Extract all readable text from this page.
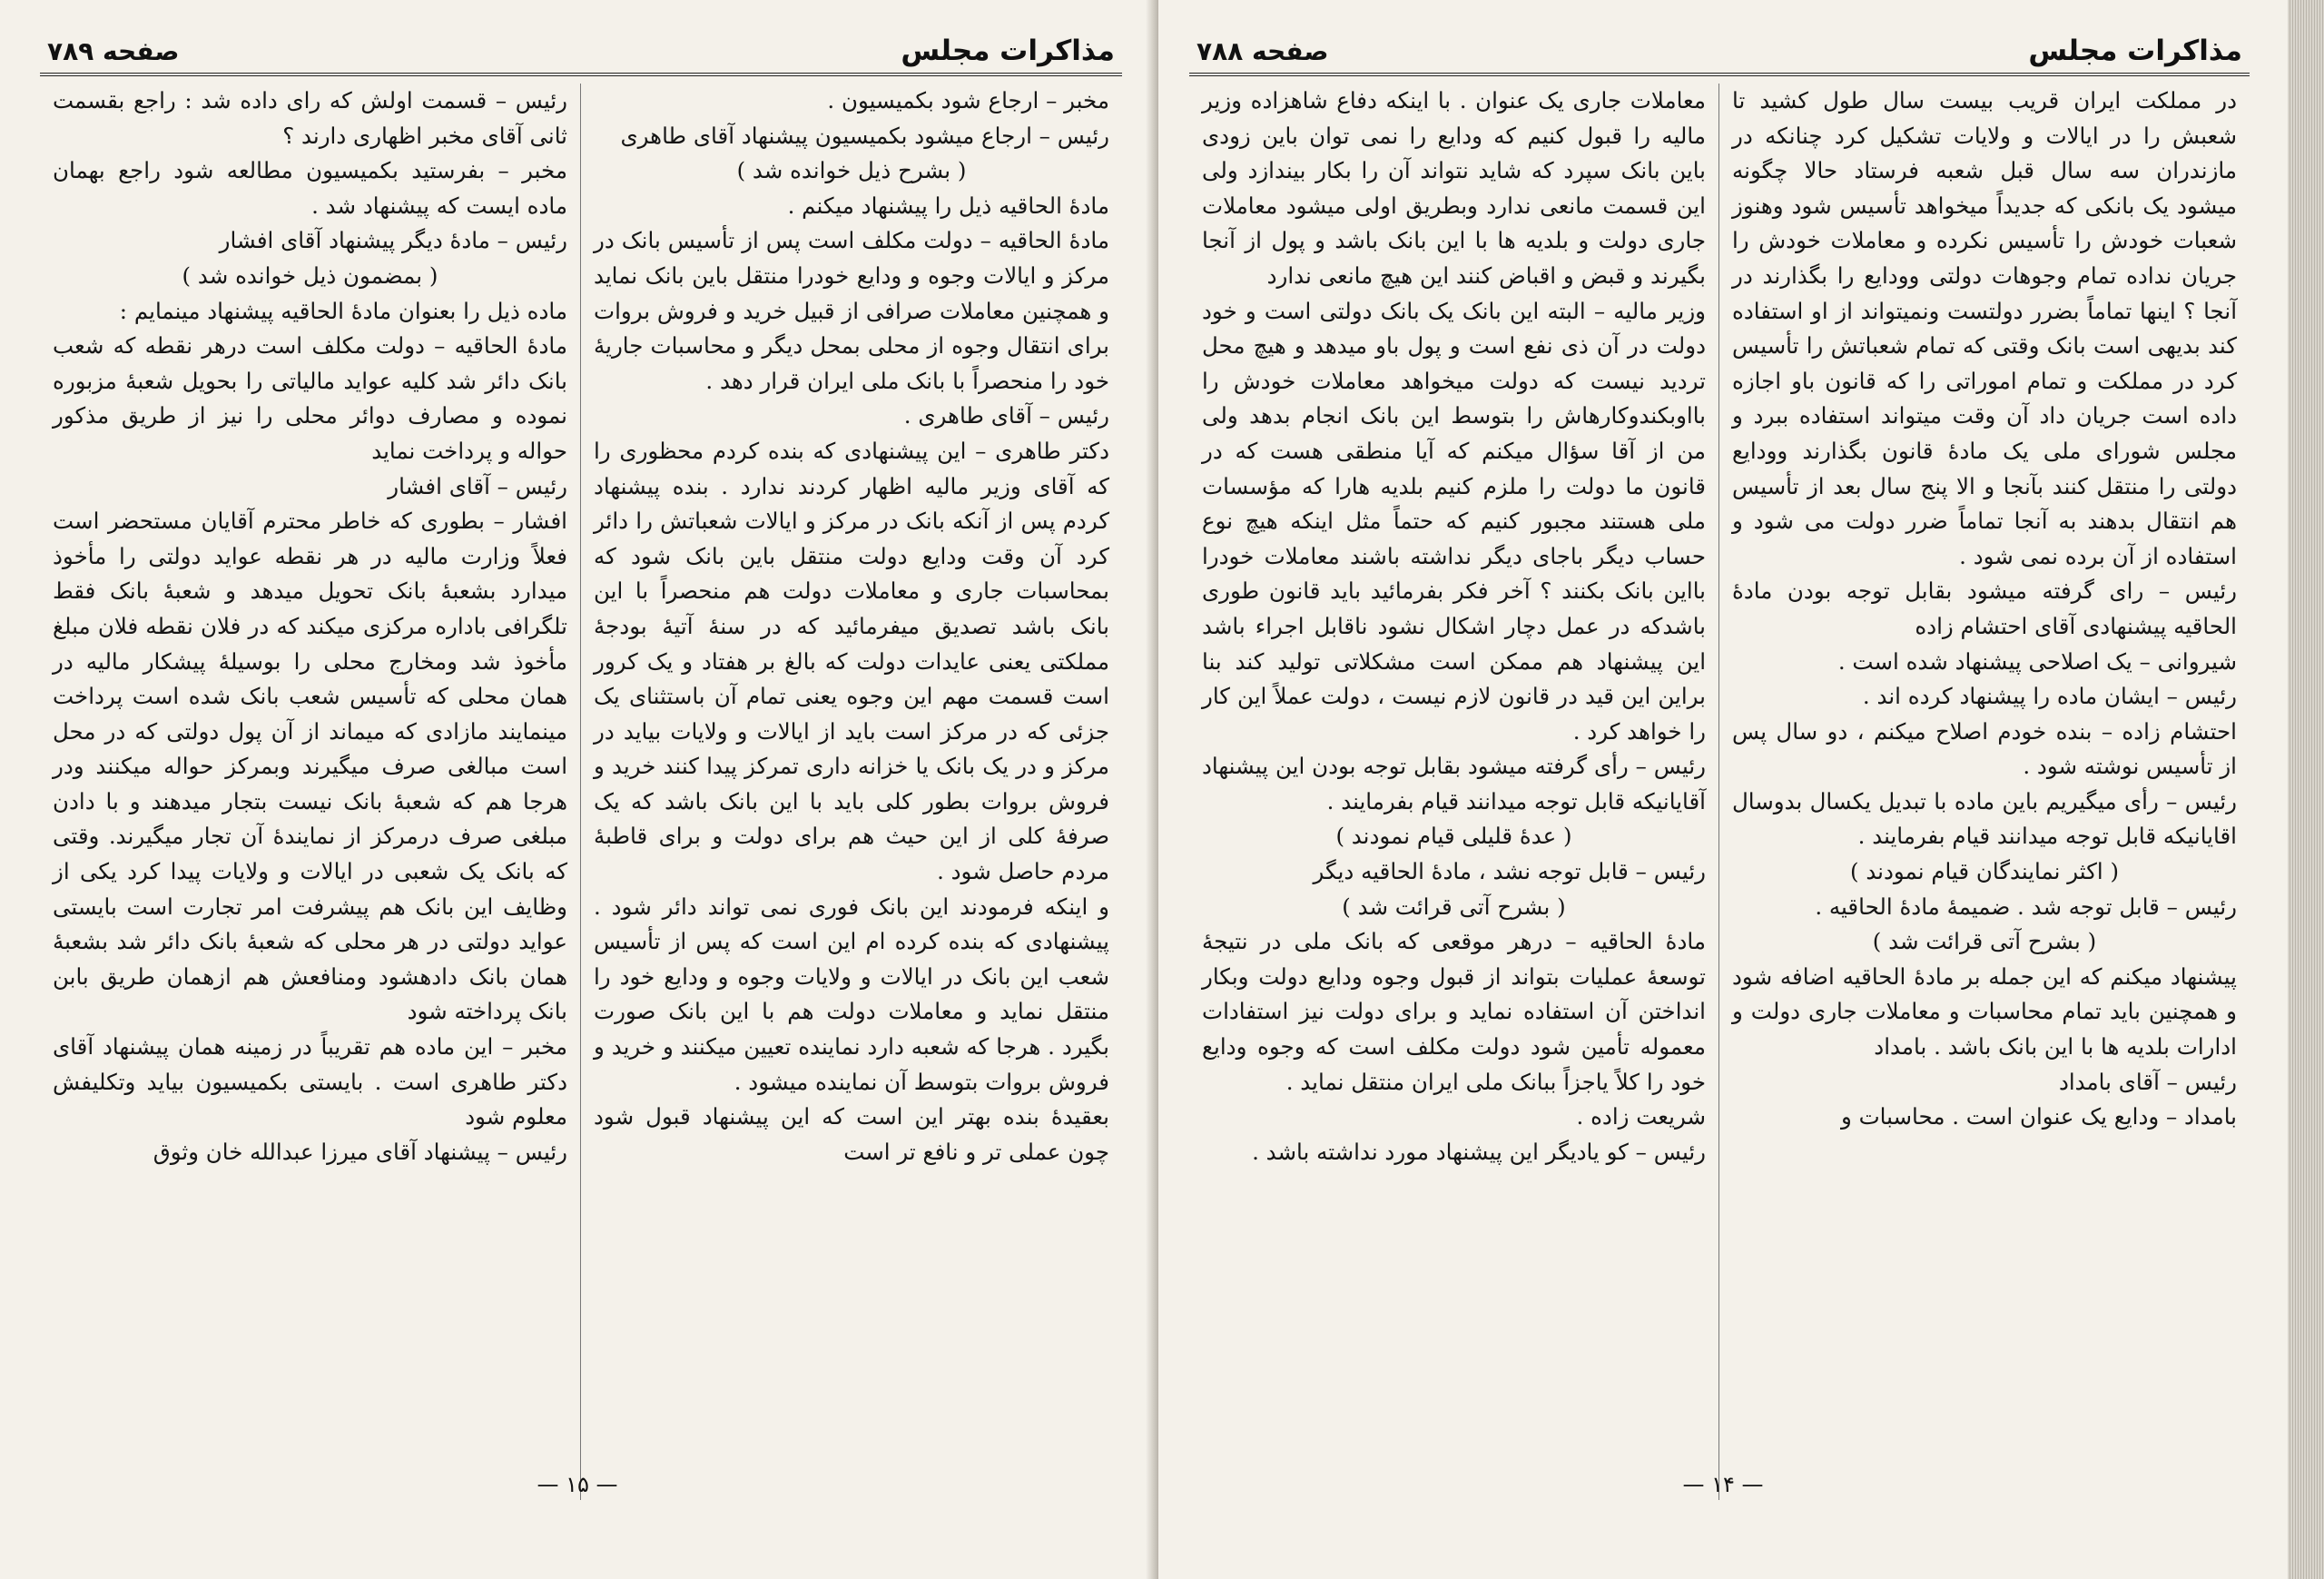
مذاکرات مجلس
صفحه ۷۸۹

مخبر – ارجاع شود بکمیسیون .

رئیس – ارجاع میشود بکمیسیون پیشنهاد آقای طاهری

( بشرح ذیل خوانده شد )

مادهٔ الحاقیه ذیل را پیشنهاد میکنم .

مادهٔ الحاقیه – دولت مکلف است پس از تأسیس بانک در مرکز و ایالات وجوه و ودایع خودرا منتقل باین بانک نماید و همچنین معاملات صرافی از قبیل خرید و فروش بروات برای انتقال وجوه از محلی بمحل دیگر و محاسبات جاریهٔ خود را منحصراً با بانک ملی ایران قرار دهد .

رئیس – آقای طاهری .

دکتر طاهری – این پیشنهادی که بنده کردم محظوری را که آقای وزیر مالیه اظهار کردند ندارد . بنده پیشنهاد کردم پس از آنکه بانک در مرکز و ایالات شعباتش را دائر کرد آن وقت ودایع دولت منتقل باین بانک شود که بمحاسبات جاری و معاملات دولت هم منحصراً با این بانک باشد تصدیق میفرمائید که در سنهٔ آتیهٔ بودجهٔ مملکتی یعنی عایدات دولت که بالغ بر هفتاد و یک کرور است قسمت مهم این وجوه یعنی تمام آن باستثنای یک جزئی که در مرکز است باید از ایالات و ولایات بیاید در مرکز و در یک بانک یا خزانه داری تمرکز پیدا کنند خرید و فروش بروات بطور کلی باید با این بانک باشد که یک صرفهٔ کلی از این حیث هم برای دولت و برای قاطبهٔ مردم حاصل شود .

و اینکه فرمودند این بانک فوری نمی تواند دائر شود . پیشنهادی که بنده کرده ام این است که پس از تأسیس شعب این بانک در ایالات و ولایات وجوه و ودایع خود را منتقل نماید و معاملات دولت هم با این بانک صورت بگیرد . هرجا که شعبه دارد نماینده تعیین میکنند و خرید و فروش بروات بتوسط آن نماینده میشود .

بعقیدهٔ بنده بهتر این است که این پیشنهاد قبول شود چون عملی تر و نافع تر است

رئیس – قسمت اولش که رای داده شد : راجع بقسمت ثانی آقای مخبر اظهاری دارند ؟

مخبر – بفرستید بکمیسیون مطالعه شود راجع بهمان ماده ایست که پیشنهاد شد .

رئیس – مادهٔ دیگر پیشنهاد آقای افشار

( بمضمون ذیل خوانده شد )

ماده ذیل را بعنوان مادهٔ الحاقیه پیشنهاد مینمایم :

مادهٔ الحاقیه – دولت مکلف است درهر نقطه که شعب بانک دائر شد کلیه عواید مالیاتی را بحویل شعبهٔ مزبوره نموده و مصارف دوائر محلی را نیز از طریق مذکور حواله و پرداخت نماید

رئیس – آقای افشار

افشار – بطوری که خاطر محترم آقایان مستحضر است فعلاً وزارت مالیه در هر نقطه عواید دولتی را مأخوذ میدارد بشعبهٔ بانک تحویل میدهد و شعبهٔ بانک فقط تلگرافی باداره مرکزی میکند که در فلان نقطه فلان مبلغ مأخوذ شد ومخارج محلی را بوسیلهٔ پیشکار مالیه در همان محلی که تأسیس شعب بانک شده است پرداخت مینمایند مازادی که میماند از آن پول دولتی که در محل است مبالغی صرف میگیرند وبمرکز حواله میکنند ودر هرجا هم که شعبهٔ بانک نیست بتجار میدهند و با دادن مبلغی صرف درمرکز از نمایندهٔ آن تجار میگیرند. وقتی که بانک یک شعبی در ایالات و ولایات پیدا کرد یکی از وظایف این بانک هم پیشرفت امر تجارت است بایستی عواید دولتی در هر محلی که شعبهٔ بانک دائر شد بشعبهٔ همان بانک دادهشود ومنافعش هم ازهمان طریق بابن بانک پرداخته شود

مخبر – این ماده هم تقریباً در زمینه همان پیشنهاد آقای دکتر طاهری است . بایستی بکمیسیون بیاید وتکلیفش معلوم شود

رئیس – پیشنهاد آقای میرزا عبدالله خان وثوق

— ۱۵ —
مذاکرات مجلس
صفحه ۷۸۸

در مملکت ایران قریب بیست سال طول کشید تا شعبش را در ایالات و ولایات تشکیل کرد چنانکه در مازندران سه سال قبل شعبه فرستاد حالا چگونه میشود یک بانکی که جدیداً میخواهد تأسیس شود وهنوز شعبات خودش را تأسیس نکرده و معاملات خودش را جریان نداده تمام وجوهات دولتی وودایع را بگذارند در آنجا ؟ اینها تماماً بضرر دولتست ونمیتواند از او استفاده کند بدیهی است بانک وقتی که تمام شعباتش را تأسیس کرد در مملکت و تمام اموراتی را که قانون باو اجازه داده است جریان داد آن وقت میتواند استفاده ببرد و مجلس شورای ملی یک مادهٔ قانون بگذارند وودایع دولتی را منتقل کنند بآنجا و الا پنج سال بعد از تأسیس هم انتقال بدهند به آنجا تماماً ضرر دولت می شود و استفاده از آن برده نمی شود .

رئیس – رای گرفته میشود بقابل توجه بودن مادهٔ الحاقیه پیشنهادی آقای احتشام زاده

شیروانی – یک اصلاحی پیشنهاد شده است .

رئیس – ایشان ماده را پیشنهاد کرده اند .

احتشام زاده – بنده خودم اصلاح میکنم ، دو سال پس از تأسیس نوشته شود .

رئیس – رأی میگیریم باین ماده با تبدیل یکسال بدوسال اقایانیکه قابل توجه میدانند قیام بفرمایند .

( اکثر نمایندگان قیام نمودند )

رئیس – قابل توجه شد . ضمیمهٔ مادهٔ الحاقیه .

( بشرح آتی قرائت شد )

پیشنهاد میکنم که این جمله بر مادهٔ الحاقیه اضافه شود و همچنین باید تمام محاسبات و معاملات جاری دولت و ادارات بلدیه ها با این بانک باشد . بامداد

رئیس – آقای بامداد

بامداد – ودایع یک عنوان است . محاسبات و

معاملات جاری یک عنوان . با اینکه دفاع شاهزاده وزیر مالیه را قبول کنیم که ودایع را نمی توان باین زودی باین بانک سپرد که شاید نتواند آن را بکار بیندازد ولی این قسمت مانعی ندارد وبطریق اولی میشود معاملات جاری دولت و بلدیه ها با این بانک باشد و پول از آنجا بگیرند و قبض و اقباض کنند این هیچ مانعی ندارد

وزیر مالیه – البته این بانک یک بانک دولتی است و خود دولت در آن ذی نفع است و پول باو میدهد و هیچ محل تردید نیست که دولت میخواهد معاملات خودش را بااوبکندوکارهاش را بتوسط این بانک انجام بدهد ولی من از آقا سؤال میکنم که آیا منطقی هست که در قانون ما دولت را ملزم کنیم بلدیه هارا که مؤسسات ملی هستند مجبور کنیم که حتماً مثل اینکه هیچ نوع حساب دیگر باجای دیگر نداشته باشند معاملات خودرا بااین بانک بکنند ؟ آخر فکر بفرمائید باید قانون طوری باشدکه در عمل دچار اشکال نشود ناقابل اجراء باشد این پیشنهاد هم ممکن است مشکلاتی تولید کند بنا براین این قید در قانون لازم نیست ، دولت عملاً این کار را خواهد کرد .

رئیس – رأی گرفته میشود بقابل توجه بودن این پیشنهاد آقایانیکه قابل توجه میدانند قیام بفرمایند .

( عدهٔ قلیلی قیام نمودند )

رئیس – قابل توجه نشد ، مادهٔ الحاقیه دیگر

( بشرح آتی قرائت شد )

مادهٔ الحاقیه – درهر موقعی که بانک ملی در نتیجهٔ توسعهٔ عملیات بتواند از قبول وجوه ودایع دولت وبکار انداختن آن استفاده نماید و برای دولت نیز استفادات معموله تأمین شود دولت مکلف است که وجوه ودایع خود را کلاً یاجزاً ببانک ملی ایران منتقل نماید .

شریعت زاده .

رئیس – کو یادیگر این پیشنهاد مورد نداشته باشد .

— ۱۴ —
